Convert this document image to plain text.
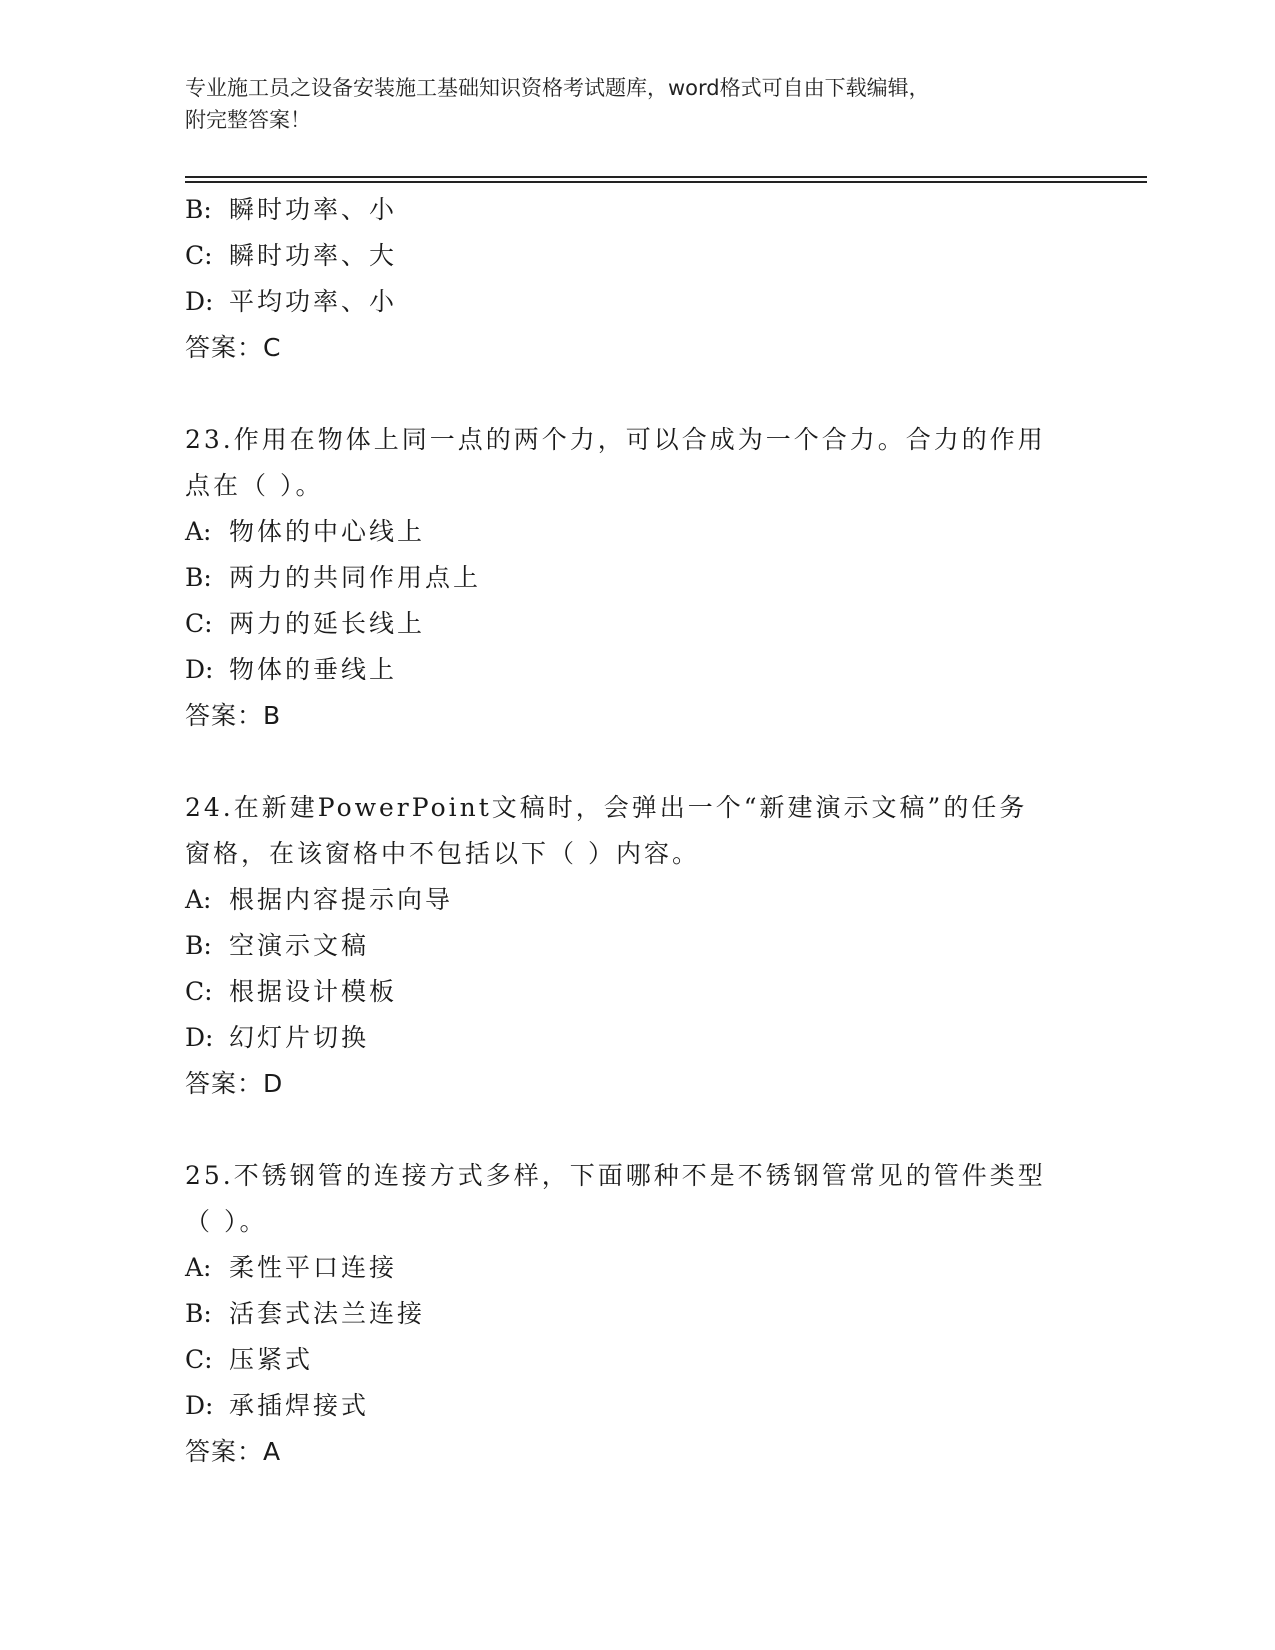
专业施工员之设备安装施工基础知识资格考试题库，word格式可自由下载编辑，
附完整答案！
B: 瞬时功率、小
C: 瞬时功率、大
D: 平均功率、小
答案：C
23.作用在物体上同一点的两个力，可以合成为一个合力。合力的作用
点在（ ）。
A: 物体的中心线上
B: 两力的共同作用点上
C: 两力的延长线上
D: 物体的垂线上
答案：B
24.在新建PowerPoint文稿时，会弹出一个“新建演示文稿”的任务
窗格，在该窗格中不包括以下（ ）内容。
A: 根据内容提示向导
B: 空演示文稿
C: 根据设计模板
D: 幻灯片切换
答案：D
25.不锈钢管的连接方式多样，下面哪种不是不锈钢管常见的管件类型
（ ）。
A: 柔性平口连接
B: 活套式法兰连接
C: 压紧式
D: 承插焊接式
答案：A
